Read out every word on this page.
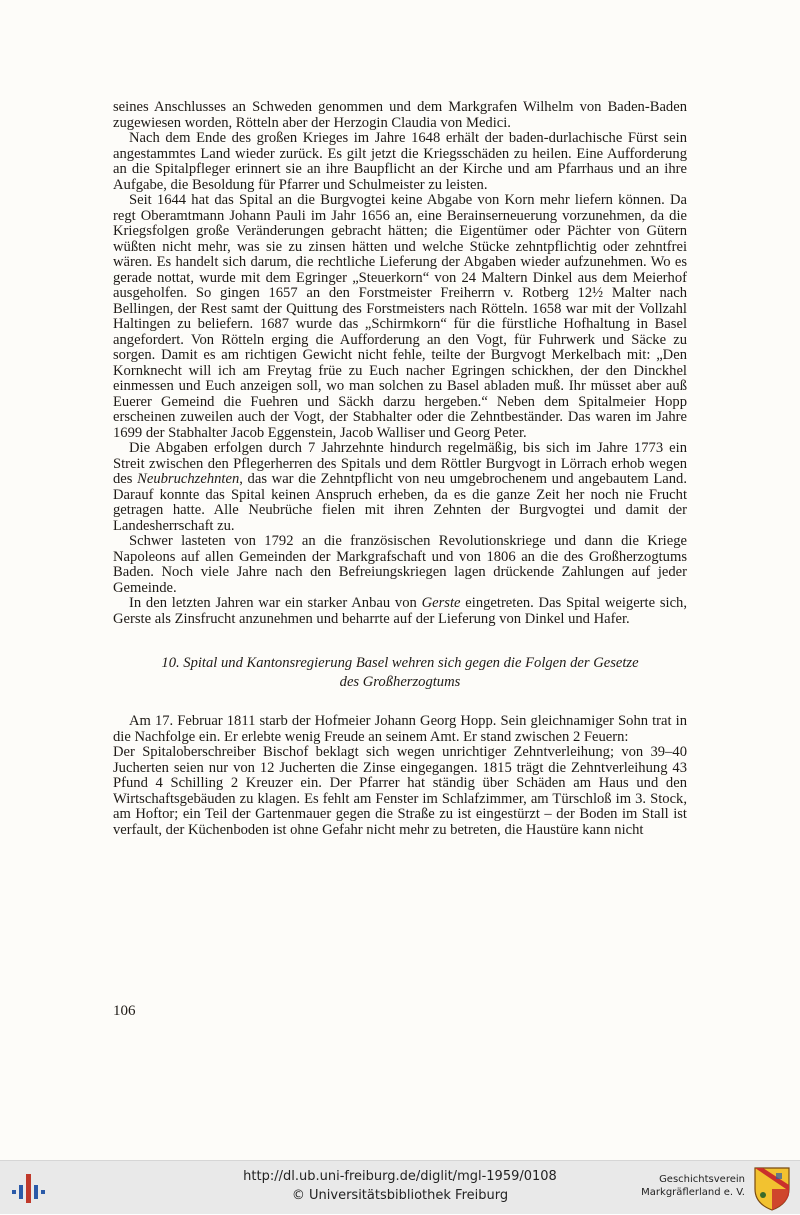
seines Anschlusses an Schweden genommen und dem Markgrafen Wilhelm von Baden-Baden zugewiesen worden, Rötteln aber der Herzogin Claudia von Medici.

Nach dem Ende des großen Krieges im Jahre 1648 erhält der baden-durlachische Fürst sein angestammtes Land wieder zurück. Es gilt jetzt die Kriegsschäden zu heilen. Eine Aufforderung an die Spitalpfleger erinnert sie an ihre Baupflicht an der Kirche und am Pfarrhaus und an ihre Aufgabe, die Besoldung für Pfarrer und Schulmeister zu leisten.

Seit 1644 hat das Spital an die Burgvogtei keine Abgabe von Korn mehr liefern können. Da regt Oberamtmann Johann Pauli im Jahr 1656 an, eine Berainserneuerung vorzunehmen, da die Kriegsfolgen große Veränderungen gebracht hätten; die Eigentümer oder Pächter von Gütern wüßten nicht mehr, was sie zu zinsen hätten und welche Stücke zehntpflichtig oder zehntfrei wären. Es handelt sich darum, die rechtliche Lieferung der Abgaben wieder aufzunehmen. Wo es gerade nottat, wurde mit dem Egringer „Steuerkorn“ von 24 Maltern Dinkel aus dem Meierhof ausgeholfen. So gingen 1657 an den Forstmeister Freiherrn v. Rotberg 12½ Malter nach Bellingen, der Rest samt der Quittung des Forstmeisters nach Rötteln. 1658 war mit der Vollzahl Haltingen zu beliefern. 1687 wurde das „Schirmkorn“ für die fürstliche Hofhaltung in Basel angefordert. Von Rötteln erging die Aufforderung an den Vogt, für Fuhrwerk und Säcke zu sorgen. Damit es am richtigen Gewicht nicht fehle, teilte der Burgvogt Merkelbach mit: „Den Kornknecht will ich am Freytag früe zu Euch nacher Egringen schickhen, der den Dinckhel einmessen und Euch anzeigen soll, wo man solchen zu Basel abladen muß. Ihr müsset aber auß Euerer Gemeind die Fuehren und Säckh darzu hergeben.“ Neben dem Spitalmeier Hopp erscheinen zuweilen auch der Vogt, der Stabhalter oder die Zehntbeständer. Das waren im Jahre 1699 der Stabhalter Jacob Eggenstein, Jacob Walliser und Georg Peter.

Die Abgaben erfolgen durch 7 Jahrzehnte hindurch regelmäßig, bis sich im Jahre 1773 ein Streit zwischen den Pflegerherren des Spitals und dem Röttler Burgvogt in Lörrach erhob wegen des Neubruchzehnten, das war die Zehntpflicht von neu umgebrochenem und angebautem Land. Darauf konnte das Spital keinen Anspruch erheben, da es die ganze Zeit her noch nie Frucht getragen hatte. Alle Neubrüche fielen mit ihren Zehnten der Burgvogtei und damit der Landesherrschaft zu.

Schwer lasteten von 1792 an die französischen Revolutionskriege und dann die Kriege Napoleons auf allen Gemeinden der Markgrafschaft und von 1806 an die des Großherzogtums Baden. Noch viele Jahre nach den Befreiungskriegen lagen drückende Zahlungen auf jeder Gemeinde.

In den letzten Jahren war ein starker Anbau von Gerste eingetreten. Das Spital weigerte sich, Gerste als Zinsfrucht anzunehmen und beharrte auf der Lieferung von Dinkel und Hafer.

10. Spital und Kantonsregierung Basel wehren sich gegen die Folgen der Gesetze
des Großherzogtums

Am 17. Februar 1811 starb der Hofmeier Johann Georg Hopp. Sein gleichnamiger Sohn trat in die Nachfolge ein. Er erlebte wenig Freude an seinem Amt. Er stand zwischen 2 Feuern:

Der Spitaloberschreiber Bischof beklagt sich wegen unrichtiger Zehntverleihung; von 39–40 Jucherten seien nur von 12 Jucherten die Zinse eingegangen. 1815 trägt die Zehntverleihung 43 Pfund 4 Schilling 2 Kreuzer ein. Der Pfarrer hat ständig über Schäden am Haus und den Wirtschaftsgebäuden zu klagen. Es fehlt am Fenster im Schlafzimmer, am Türschloß im 3. Stock, am Hoftor; ein Teil der Gartenmauer gegen die Straße zu ist eingestürzt – der Boden im Stall ist verfault, der Küchenboden ist ohne Gefahr nicht mehr zu betreten, die Haustüre kann nicht

106
http://dl.ub.uni-freiburg.de/diglit/mgl-1959/0108
© Universitätsbibliothek Freiburg
Geschichtsverein
Markgräflerland e. V.
